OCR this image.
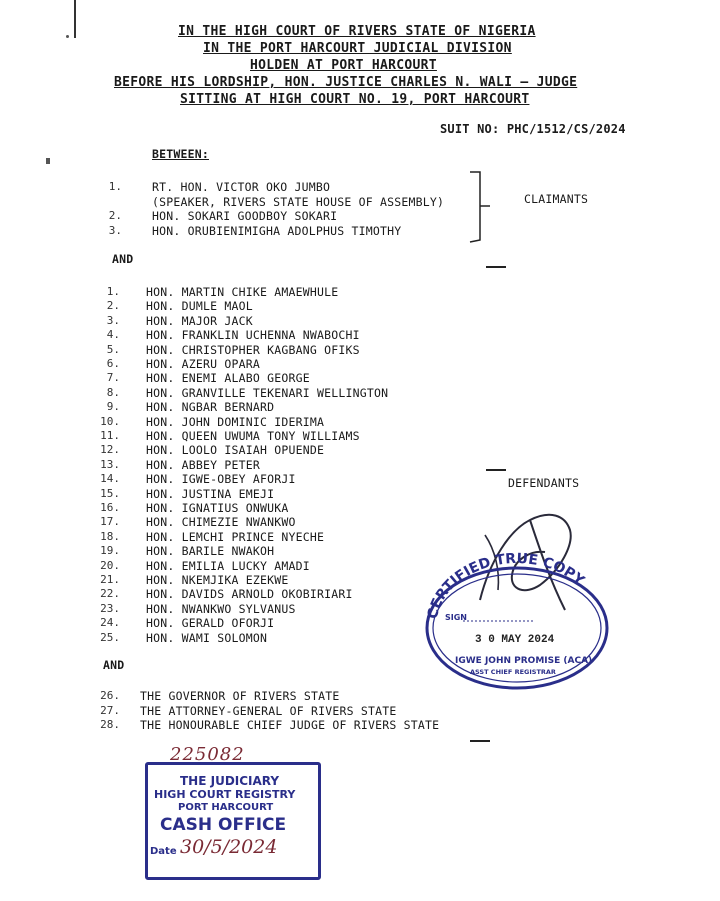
IN THE HIGH COURT OF RIVERS STATE OF NIGERIA
IN THE PORT HARCOURT JUDICIAL DIVISION
HOLDEN AT PORT HARCOURT
BEFORE HIS LORDSHIP, HON. JUSTICE CHARLES N. WALI – JUDGE
SITTING AT HIGH COURT NO. 19, PORT HARCOURT
SUIT NO: PHC/1512/CS/2024
BETWEEN:
1.	RT. HON. VICTOR OKO JUMBO
(SPEAKER, RIVERS STATE HOUSE OF ASSEMBLY)
2.	HON. SOKARI GOODBOY SOKARI
3.	HON. ORUBIENIMIGHA ADOLPHUS TIMOTHY
CLAIMANTS
AND
1. HON. MARTIN CHIKE AMAEWHULE
2. HON. DUMLE MAOL
3. HON. MAJOR JACK
4. HON. FRANKLIN UCHENNA NWABOCHI
5. HON. CHRISTOPHER KAGBANG OFIKS
6. HON. AZERU OPARA
7. HON. ENEMI ALABO GEORGE
8. HON. GRANVILLE TEKENARI WELLINGTON
9. HON. NGBAR BERNARD
10. HON. JOHN DOMINIC IDERIMA
11. HON. QUEEN UWUMA TONY WILLIAMS
12. HON. LOOLO ISAIAH OPUENDE
13. HON. ABBEY PETER
14. HON. IGWE-OBEY AFORJI
15. HON. JUSTINA EMEJI
16. HON. IGNATIUS ONWUKA
17. HON. CHIMEZIE NWANKWO
18. HON. LEMCHI PRINCE NYECHE
19. HON. BARILE NWAKOH
20. HON. EMILIA LUCKY AMADI
21. HON. NKEMJIKA EZEKWE
22. HON. DAVIDS ARNOLD OKOBIRIARI
23. HON. NWANKWO SYLVANUS
24. HON. GERALD OFORJI
25. HON. WAMI SOLOMON
DEFENDANTS
AND
26. THE GOVERNOR OF RIVERS STATE
27. THE ATTORNEY-GENERAL OF RIVERS STATE
28. THE HONOURABLE CHIEF JUDGE OF RIVERS STATE
CERTIFIED TRUE COPY
SIGN
3 0 MAY 2024
IGWE JOHN PROMISE (ACA)
ASST CHIEF REGISTRAR
225082
THE JUDICIARY
HIGH COURT REGISTRY
PORT HARCOURT
CASH OFFICE
Date 30/5/2024
